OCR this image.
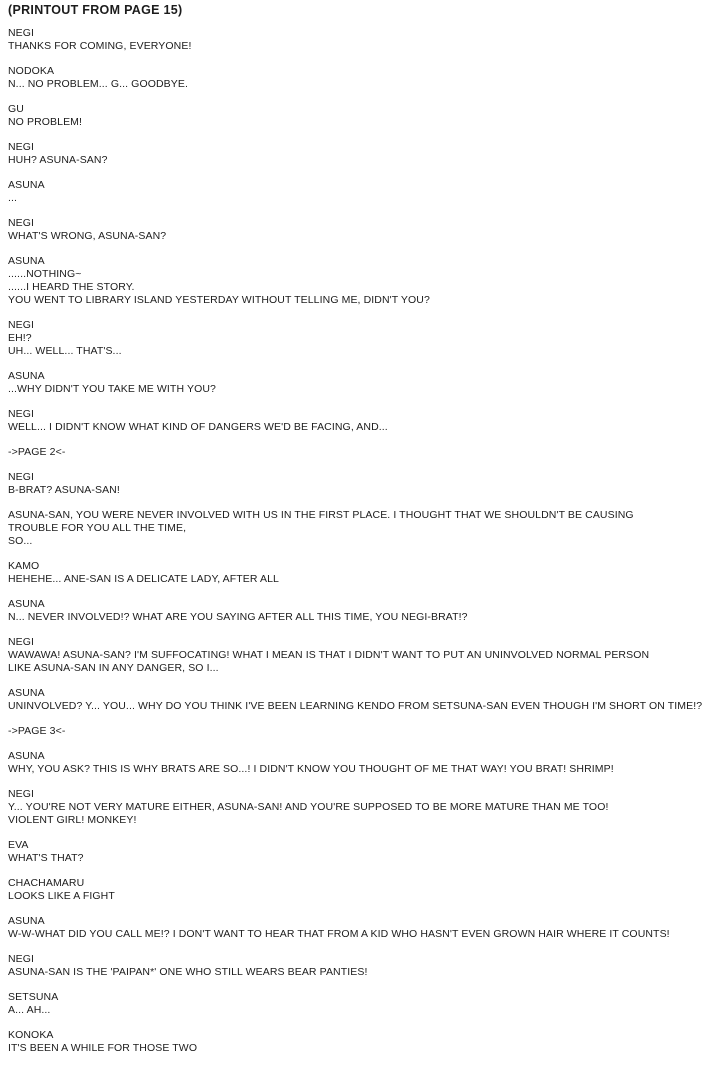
(PRINTOUT FROM PAGE 15)
NEGI
THANKS FOR COMING, EVERYONE!
NODOKA
N... NO PROBLEM... G... GOODBYE.
GU
NO PROBLEM!
NEGI
HUH? ASUNA-SAN?
ASUNA
...
NEGI
WHAT'S WRONG, ASUNA-SAN?
ASUNA
......NOTHING~
......I HEARD THE STORY.
YOU WENT TO LIBRARY ISLAND YESTERDAY WITHOUT TELLING ME, DIDN'T YOU?
NEGI
EH!?
UH... WELL... THAT'S...
ASUNA
...WHY DIDN'T YOU TAKE ME WITH YOU?
NEGI
WELL... I DIDN'T KNOW WHAT KIND OF DANGERS WE'D BE FACING, AND...
->PAGE 2<-
NEGI
B-BRAT? ASUNA-SAN!
ASUNA-SAN, YOU WERE NEVER INVOLVED WITH US IN THE FIRST PLACE. I THOUGHT THAT WE SHOULDN'T BE CAUSING
TROUBLE FOR YOU ALL THE TIME,
SO...
KAMO
HEHEHE... ANE-SAN IS A DELICATE LADY, AFTER ALL
ASUNA
N... NEVER INVOLVED!? WHAT ARE YOU SAYING AFTER ALL THIS TIME, YOU NEGI-BRAT!?
NEGI
WAWAWA! ASUNA-SAN? I'M SUFFOCATING! WHAT I MEAN IS THAT I DIDN'T WANT TO PUT AN UNINVOLVED NORMAL PERSON
LIKE ASUNA-SAN IN ANY DANGER, SO I...
ASUNA
UNINVOLVED? Y... YOU... WHY DO YOU THINK I'VE BEEN LEARNING KENDO FROM SETSUNA-SAN EVEN THOUGH I'M SHORT ON TIME!?
->PAGE 3<-
ASUNA
WHY, YOU ASK? THIS IS WHY BRATS ARE SO...! I DIDN'T KNOW YOU THOUGHT OF ME THAT WAY! YOU BRAT! SHRIMP!
NEGI
Y... YOU'RE NOT VERY MATURE EITHER, ASUNA-SAN! AND YOU'RE SUPPOSED TO BE MORE MATURE THAN ME TOO!
VIOLENT GIRL! MONKEY!
EVA
WHAT'S THAT?
CHACHAMARU
LOOKS LIKE A FIGHT
ASUNA
W-W-WHAT DID YOU CALL ME!? I DON'T WANT TO HEAR THAT FROM A KID WHO HASN'T EVEN GROWN HAIR WHERE IT COUNTS!
NEGI
ASUNA-SAN IS THE 'PAIPAN*' ONE WHO STILL WEARS BEAR PANTIES!
SETSUNA
A... AH...
KONOKA
IT'S BEEN A WHILE FOR THOSE TWO
